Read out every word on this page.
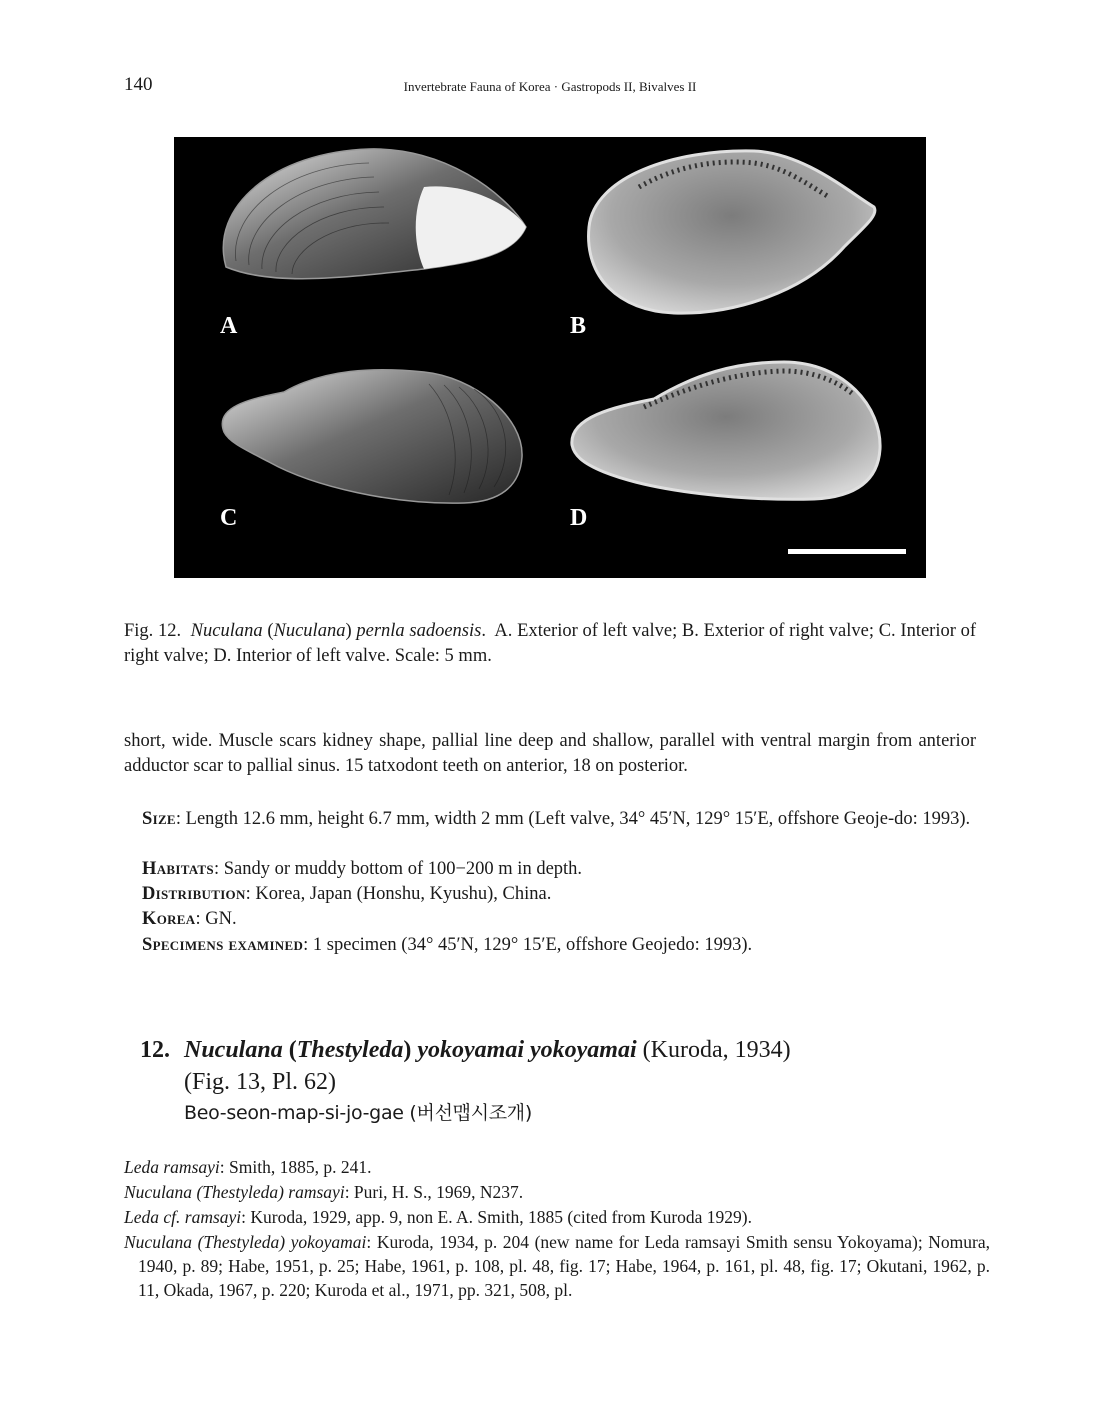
140	Invertebrate Fauna of Korea · Gastropods II, Bivalves II
A	B
C	D
Fig. 12. Nuculana (Nuculana) pernla sadoensis.  A. Exterior of left valve; B. Exterior of right valve; C. Interior of right valve; D. Interior of left valve. Scale: 5 mm.
short, wide. Muscle scars kidney shape, pallial line deep and shallow, parallel with ventral margin from anterior adductor scar to pallial sinus. 15 tatxodont teeth on anterior, 18 on posterior.
Size: Length 12.6 mm, height 6.7 mm, width 2 mm (Left valve, 34° 45′N, 129° 15′E, offshore Geoje-do: 1993).
Habitats: Sandy or muddy bottom of 100−200 m in depth.
Distribution: Korea, Japan (Honshu, Kyushu), China.
Korea: GN.
Specimens examined: 1 specimen (34° 45′N, 129° 15′E, offshore Geojedo: 1993).
12. Nuculana (Thestyleda) yokoyamai yokoyamai (Kuroda, 1934)
(Fig. 13, Pl. 62)
Beo-seon-map-si-jo-gae (버선맵시조개)
Leda ramsayi: Smith, 1885, p. 241.
Nuculana (Thestyleda) ramsayi: Puri, H. S., 1969, N237.
Leda cf. ramsayi: Kuroda, 1929, app. 9, non E. A. Smith, 1885 (cited from Kuroda 1929).
Nuculana (Thestyleda) yokoyamai: Kuroda, 1934, p. 204 (new name for Leda ramsayi Smith sensu Yokoyama); Nomura, 1940, p. 89; Habe, 1951, p. 25; Habe, 1961, p. 108, pl. 48, fig. 17; Habe, 1964, p. 161, pl. 48, fig. 17; Okutani, 1962, p. 11, Okada, 1967, p. 220; Kuroda et al., 1971, pp. 321, 508, pl.
